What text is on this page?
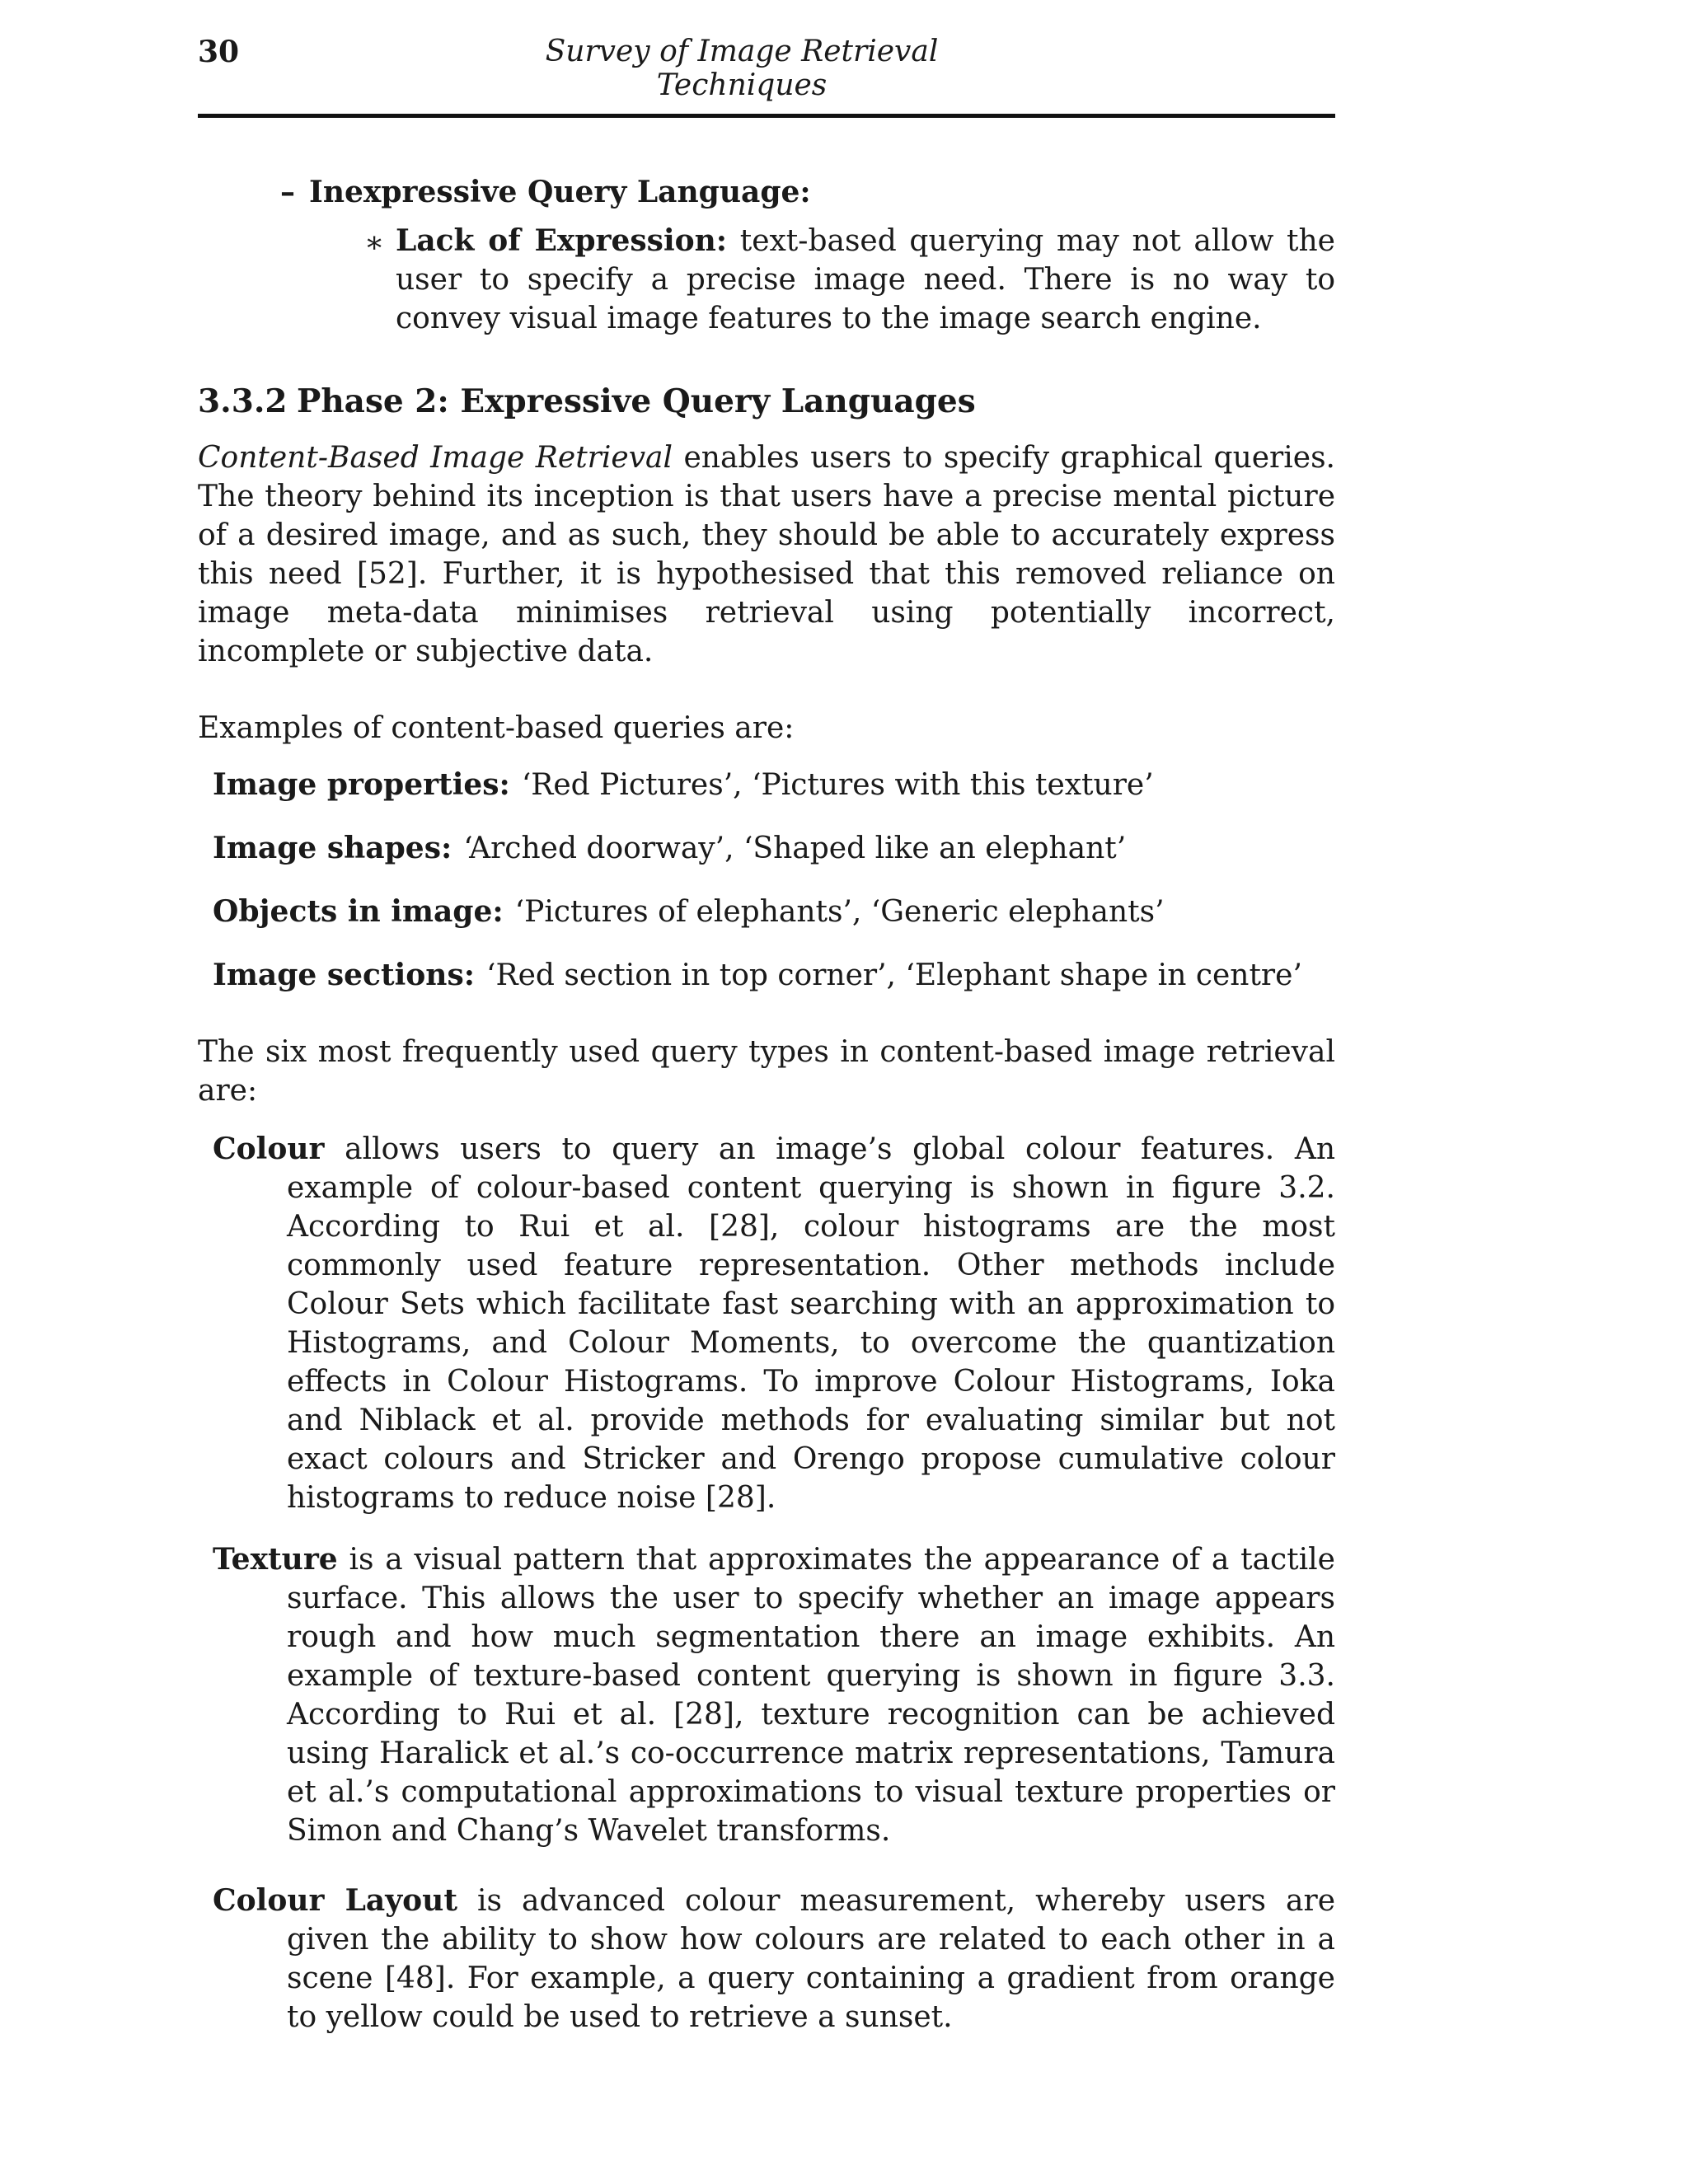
30	Survey of Image Retrieval Techniques
– Inexpressive Query Language:
∗ Lack of Expression: text-based querying may not allow the user to specify a precise image need. There is no way to convey visual image features to the image search engine.
3.3.2 Phase 2: Expressive Query Languages
Content-Based Image Retrieval enables users to specify graphical queries. The theory behind its inception is that users have a precise mental picture of a desired image, and as such, they should be able to accurately express this need [52]. Further, it is hypothesised that this removed reliance on image meta-data minimises retrieval using potentially incorrect, incomplete or subjective data.
Examples of content-based queries are:
Image properties: ‘Red Pictures’, ‘Pictures with this texture’
Image shapes: ‘Arched doorway’, ‘Shaped like an elephant’
Objects in image: ‘Pictures of elephants’, ‘Generic elephants’
Image sections: ‘Red section in top corner’, ‘Elephant shape in centre’
The six most frequently used query types in content-based image retrieval are:
Colour allows users to query an image’s global colour features. An example of colour-based content querying is shown in figure 3.2. According to Rui et al. [28], colour histograms are the most commonly used feature representation. Other methods include Colour Sets which facilitate fast searching with an approximation to Histograms, and Colour Moments, to overcome the quantization effects in Colour Histograms. To improve Colour Histograms, Ioka and Niblack et al. provide methods for evaluating similar but not exact colours and Stricker and Orengo propose cumulative colour histograms to reduce noise [28].
Texture is a visual pattern that approximates the appearance of a tactile surface. This allows the user to specify whether an image appears rough and how much segmentation there an image exhibits. An example of texture-based content querying is shown in figure 3.3. According to Rui et al. [28], texture recognition can be achieved using Haralick et al.’s co-occurrence matrix representations, Tamura et al.’s computational approximations to visual texture properties or Simon and Chang’s Wavelet transforms.
Colour Layout is advanced colour measurement, whereby users are given the ability to show how colours are related to each other in a scene [48]. For example, a query containing a gradient from orange to yellow could be used to retrieve a sunset.
